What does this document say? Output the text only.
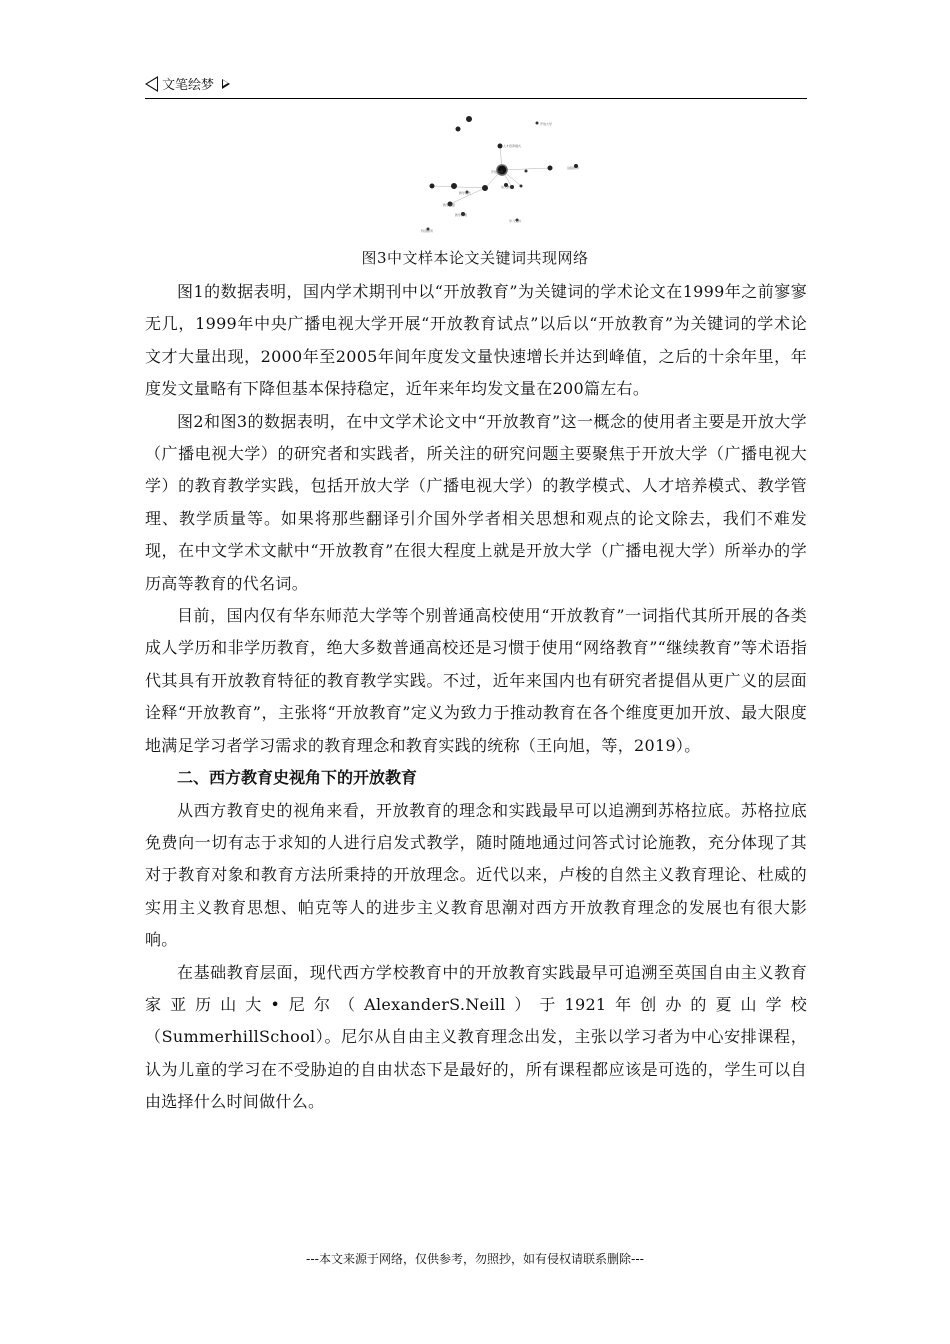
文笔绘梦
开放大学
人才培养模式
开放教育
远程教育
教学模式
教学质量
教学管理
学习支持
终身教育
成人教育
图3中文样本论文关键词共现网络

图1的数据表明，国内学术期刊中以“开放教育”为关键词的学术论文在1999年之前寥寥无几，1999年中央广播电视大学开展“开放教育试点”以后以“开放教育”为关键词的学术论文才大量出现，2000年至2005年间年度发文量快速增长并达到峰值，之后的十余年里，年度发文量略有下降但基本保持稳定，近年来年均发文量在200篇左右。

图2和图3的数据表明，在中文学术论文中“开放教育”这一概念的使用者主要是开放大学（广播电视大学）的研究者和实践者，所关注的研究问题主要聚焦于开放大学（广播电视大学）的教育教学实践，包括开放大学（广播电视大学）的教学模式、人才培养模式、教学管理、教学质量等。如果将那些翻译引介国外学者相关思想和观点的论文除去，我们不难发现，在中文学术文献中“开放教育”在很大程度上就是开放大学（广播电视大学）所举办的学历高等教育的代名词。

目前，国内仅有华东师范大学等个别普通高校使用“开放教育”一词指代其所开展的各类成人学历和非学历教育，绝大多数普通高校还是习惯于使用“网络教育”“继续教育”等术语指代其具有开放教育特征的教育教学实践。不过，近年来国内也有研究者提倡从更广义的层面诠释“开放教育”，主张将“开放教育”定义为致力于推动教育在各个维度更加开放、最大限度地满足学习者学习需求的教育理念和教育实践的统称（王向旭，等，2019）。

二、西方教育史视角下的开放教育

从西方教育史的视角来看，开放教育的理念和实践最早可以追溯到苏格拉底。苏格拉底免费向一切有志于求知的人进行启发式教学，随时随地通过问答式讨论施教，充分体现了其对于教育对象和教育方法所秉持的开放理念。近代以来，卢梭的自然主义教育理论、杜威的实用主义教育思想、帕克等人的进步主义教育思潮对西方开放教育理念的发展也有很大影响。

在基础教育层面，现代西方学校教育中的开放教育实践最早可追溯至英国自由主义教育家亚历山大•尼尔（AlexanderS.Neill）于1921年创办的夏山学校（SummerhillSchool）。尼尔从自由主义教育理念出发，主张以学习者为中心安排课程，认为儿童的学习在不受胁迫的自由状态下是最好的，所有课程都应该是可选的，学生可以自由选择什么时间做什么。

---本文来源于网络，仅供参考，勿照抄，如有侵权请联系删除---
